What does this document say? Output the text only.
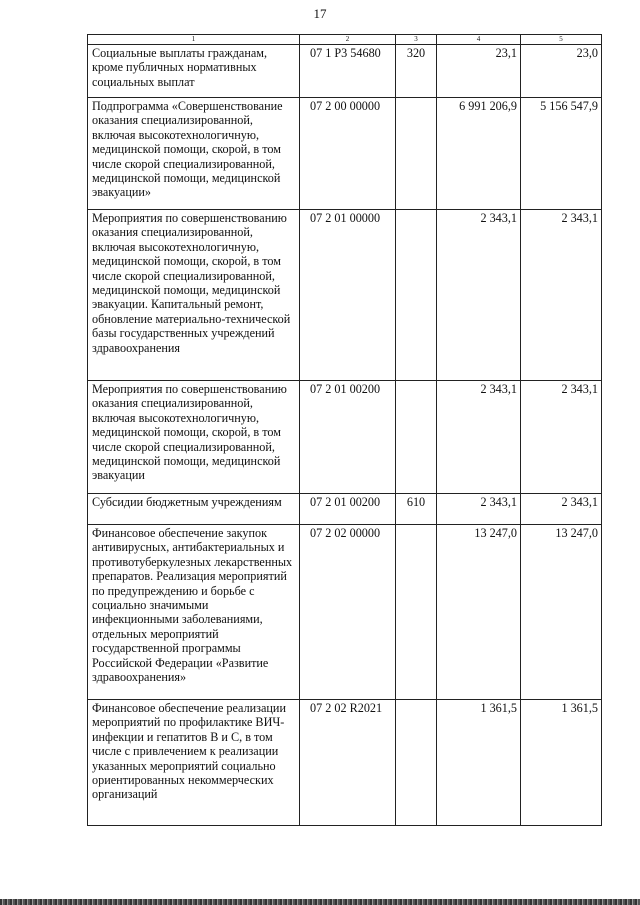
17
1	2	3	4	5
Социальные выплаты гражданам, кроме публичных нормативных социальных выплат	07 1 P3 54680	320	23,1	23,0
Подпрограмма «Совершенствование оказания специализированной, включая высокотехнологичную, медицинской помощи, скорой, в том числе скорой специализированной, медицинской помощи, медицинской эвакуации»	07 2 00 00000		6 991 206,9	5 156 547,9
Мероприятия по совершенствованию оказания специализированной, включая высокотехнологичную, медицинской помощи, скорой, в том числе скорой специализированной, медицинской помощи, медицинской эвакуации. Капитальный ремонт, обновление материально-технической базы государственных учреждений здравоохранения	07 2 01 00000		2 343,1	2 343,1
Мероприятия по совершенствованию оказания специализированной, включая высокотехнологичную, медицинской помощи, скорой, в том числе скорой специализированной, медицинской помощи, медицинской эвакуации	07 2 01 00200		2 343,1	2 343,1
Субсидии бюджетным учреждениям	07 2 01 00200	610	2 343,1	2 343,1
Финансовое обеспечение закупок антивирусных, антибактериальных и противотуберкулезных лекарственных препаратов. Реализация мероприятий по предупреждению и борьбе с социально значимыми инфекционными заболеваниями, отдельных мероприятий государственной программы Российской Федерации «Развитие здравоохранения»	07 2 02 00000		13 247,0	13 247,0
Финансовое обеспечение реализации мероприятий по профилактике ВИЧ-инфекции и гепатитов В и С, в том числе с привлечением к реализации указанных мероприятий социально ориентированных некоммерческих организаций	07 2 02 R2021		1 361,5	1 361,5
